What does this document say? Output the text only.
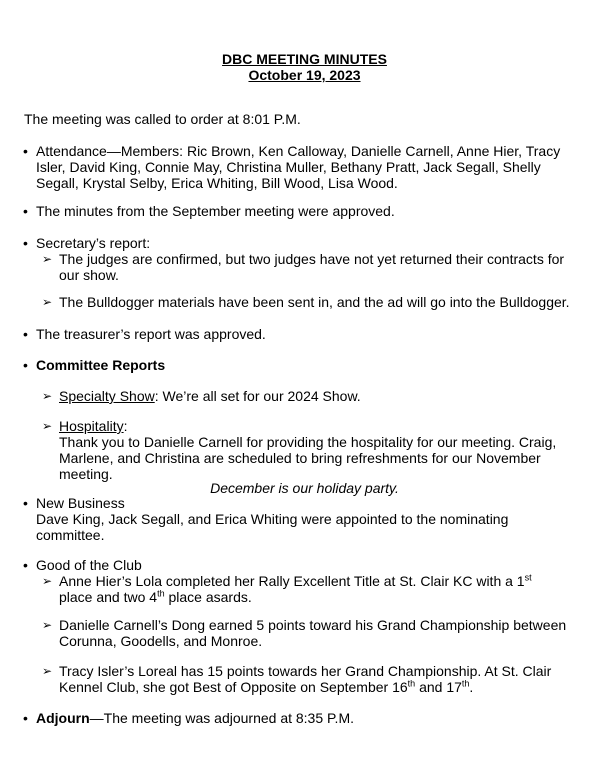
DBC MEETING MINUTES
October 19, 2023
The meeting was called to order at 8:01 P.M.
• Attendance—Members: Ric Brown, Ken Calloway, Danielle Carnell, Anne Hier, Tracy
Isler, David King, Connie May, Christina Muller, Bethany Pratt, Jack Segall, Shelly
Segall, Krystal Selby, Erica Whiting, Bill Wood, Lisa Wood.
• The minutes from the September meeting were approved.
• Secretary’s report:
➢ The judges are confirmed, but two judges have not yet returned their contracts for
our show.
➢ The Bulldogger materials have been sent in, and the ad will go into the Bulldogger.
• The treasurer’s report was approved.
• Committee Reports
➢ Specialty Show: We’re all set for our 2024 Show.
➢ Hospitality:
Thank you to Danielle Carnell for providing the hospitality for our meeting. Craig,
Marlene, and Christina are scheduled to bring refreshments for our November
meeting.
December is our holiday party.
• New Business
Dave King, Jack Segall, and Erica Whiting were appointed to the nominating
committee.
• Good of the Club
➢ Anne Hier’s Lola completed her Rally Excellent Title at St. Clair KC with a 1st
place and two 4th place asards.
➢ Danielle Carnell’s Dong earned 5 points toward his Grand Championship between
Corunna, Goodells, and Monroe.
➢ Tracy Isler’s Loreal has 15 points towards her Grand Championship. At St. Clair
Kennel Club, she got Best of Opposite on September 16th and 17th.
• Adjourn—The meeting was adjourned at 8:35 P.M.
